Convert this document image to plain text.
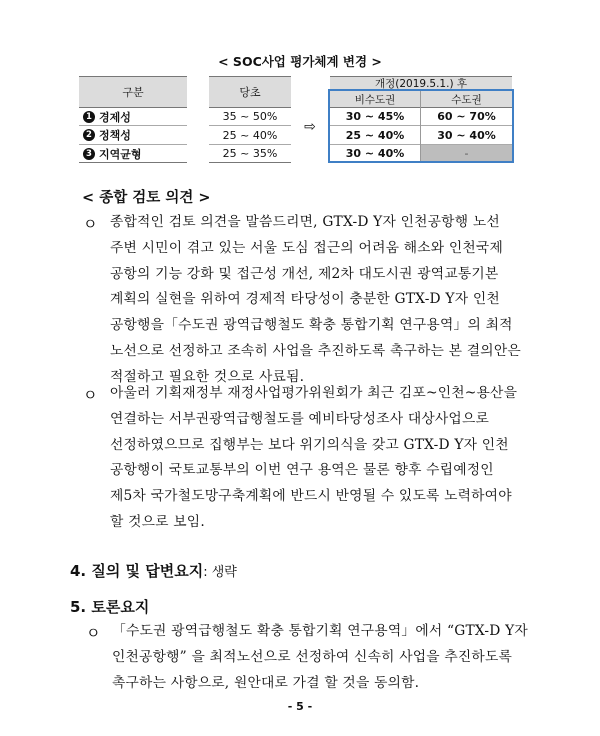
< SOC사업 평가체계 변경 >
구분	당초
개정(2019.5.1.) 후
비수도권	수도권
1 경제성
2 정책성
3 지역균형
35 ~ 50%
25 ~ 40%
25 ~ 35%
⇨
30 ~ 45%
25 ~ 40%
30 ~ 40%
60 ~ 70%
30 ~ 40%
-
< 종합 검토 의견 >
ㅇ 종합적인 검토 의견을 말씀드리면, GTX-D Y자 인천공항행 노선
주변 시민이 겪고 있는 서울 도심 접근의 어려움 해소와 인천국제
공항의 기능 강화 및 접근성 개선, 제2차 대도시권 광역교통기본
계획의 실현을 위하여 경제적 타당성이 충분한 GTX-D Y자 인천
공항행을「수도권 광역급행철도 확충 통합기획 연구용역」의 최적
노선으로 선정하고 조속히 사업을 추진하도록 촉구하는 본 결의안은
적절하고 필요한 것으로 사료됨.
ㅇ 아울러 기획재정부 재정사업평가위원회가 최근 김포~인천~용산을
연결하는 서부권광역급행철도를 예비타당성조사 대상사업으로
선정하였으므로 집행부는 보다 위기의식을 갖고 GTX-D Y자 인천
공항행이 국토교통부의 이번 연구 용역은 물론 향후 수립예정인
제5차 국가철도망구축계획에 반드시 반영될 수 있도록 노력하여야
할 것으로 보임.
4. 질의 및 답변요지: 생략
5. 토론요지
ㅇ 「수도권 광역급행철도 확충 통합기획 연구용역」에서 “GTX-D Y자
인천공항행” 을 최적노선으로 선정하여 신속히 사업을 추진하도록
촉구하는 사항으로, 원안대로 가결 할 것을 동의함.
- 5 -
